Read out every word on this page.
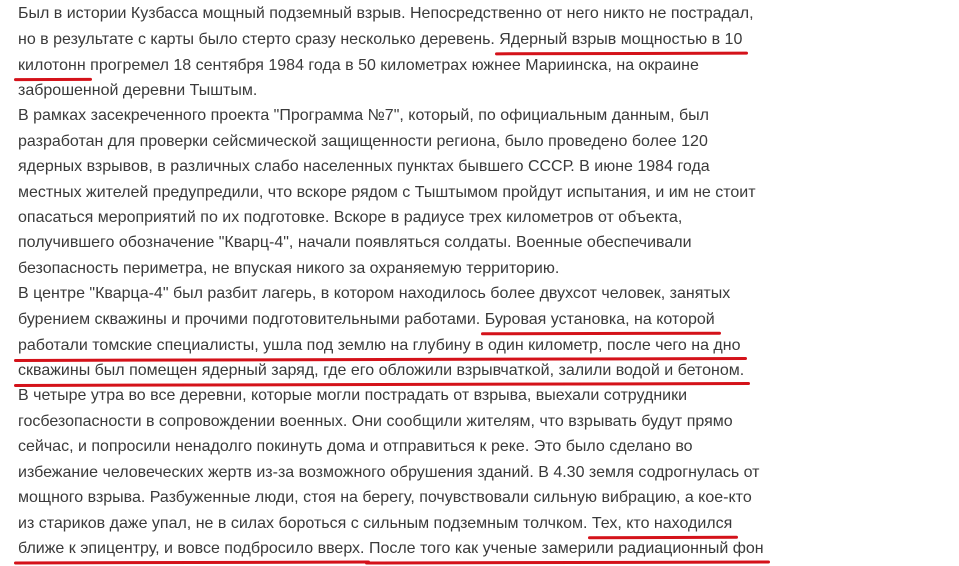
Был в истории Кузбасса мощный подземный взрыв. Непосредственно от него никто не пострадал,
но в результате с карты было стерто сразу несколько деревень. Ядерный взрыв мощностью в 10
килотонн прогремел 18 сентября 1984 года в 50 километрах южнее Мариинска, на окраине
заброшенной деревни Тыштым.
В рамках засекреченного проекта "Программа №7", который, по официальным данным, был
разработан для проверки сейсмической защищенности региона, было проведено более 120
ядерных взрывов, в различных слабо населенных пунктах бывшего СССР. В июне 1984 года
местных жителей предупредили, что вскоре рядом с Тыштымом пройдут испытания, и им не стоит
опасаться мероприятий по их подготовке. Вскоре в радиусе трех километров от объекта,
получившего обозначение "Кварц-4", начали появляться солдаты. Военные обеспечивали
безопасность периметра, не впуская никого за охраняемую территорию.
В центре "Кварца-4" был разбит лагерь, в котором находилось более двухсот человек, занятых
бурением скважины и прочими подготовительными работами. Буровая установка, на которой
работали томские специалисты, ушла под землю на глубину в один километр, после чего на дно
скважины был помещен ядерный заряд, где его обложили взрывчаткой, залили водой и бетоном.
В четыре утра во все деревни, которые могли пострадать от взрыва, выехали сотрудники
госбезопасности в сопровождении военных. Они сообщили жителям, что взрывать будут прямо
сейчас, и попросили ненадолго покинуть дома и отправиться к реке. Это было сделано во
избежание человеческих жертв из-за возможного обрушения зданий. В 4.30 земля содрогнулась от
мощного взрыва. Разбуженные люди, стоя на берегу, почувствовали сильную вибрацию, а кое-кто
из стариков даже упал, не в силах бороться с сильным подземным толчком. Тех, кто находился
ближе к эпицентру, и вовсе подбросило вверх. После того как ученые замерили радиационный фон
